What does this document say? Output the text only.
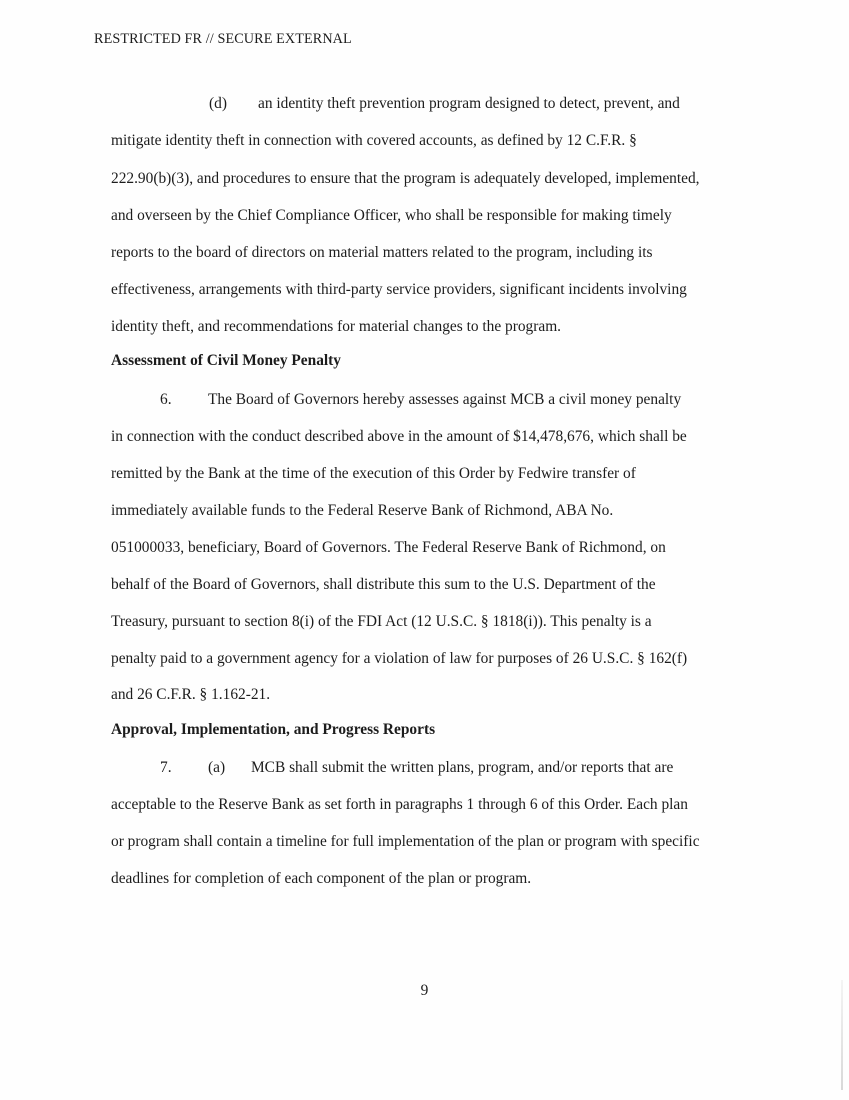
RESTRICTED FR // SECURE EXTERNAL
(d) an identity theft prevention program designed to detect, prevent, and
mitigate identity theft in connection with covered accounts, as defined by 12 C.F.R. §
222.90(b)(3), and procedures to ensure that the program is adequately developed, implemented,
and overseen by the Chief Compliance Officer, who shall be responsible for making timely
reports to the board of directors on material matters related to the program, including its
effectiveness, arrangements with third-party service providers, significant incidents involving
identity theft, and recommendations for material changes to the program.
Assessment of Civil Money Penalty
6. The Board of Governors hereby assesses against MCB a civil money penalty
in connection with the conduct described above in the amount of $14,478,676, which shall be
remitted by the Bank at the time of the execution of this Order by Fedwire transfer of
immediately available funds to the Federal Reserve Bank of Richmond, ABA No.
051000033, beneficiary, Board of Governors. The Federal Reserve Bank of Richmond, on
behalf of the Board of Governors, shall distribute this sum to the U.S. Department of the
Treasury, pursuant to section 8(i) of the FDI Act (12 U.S.C. § 1818(i)). This penalty is a
penalty paid to a government agency for a violation of law for purposes of 26 U.S.C. § 162(f)
and 26 C.F.R. § 1.162-21.
Approval, Implementation, and Progress Reports
7. (a) MCB shall submit the written plans, program, and/or reports that are
acceptable to the Reserve Bank as set forth in paragraphs 1 through 6 of this Order. Each plan
or program shall contain a timeline for full implementation of the plan or program with specific
deadlines for completion of each component of the plan or program.
9
